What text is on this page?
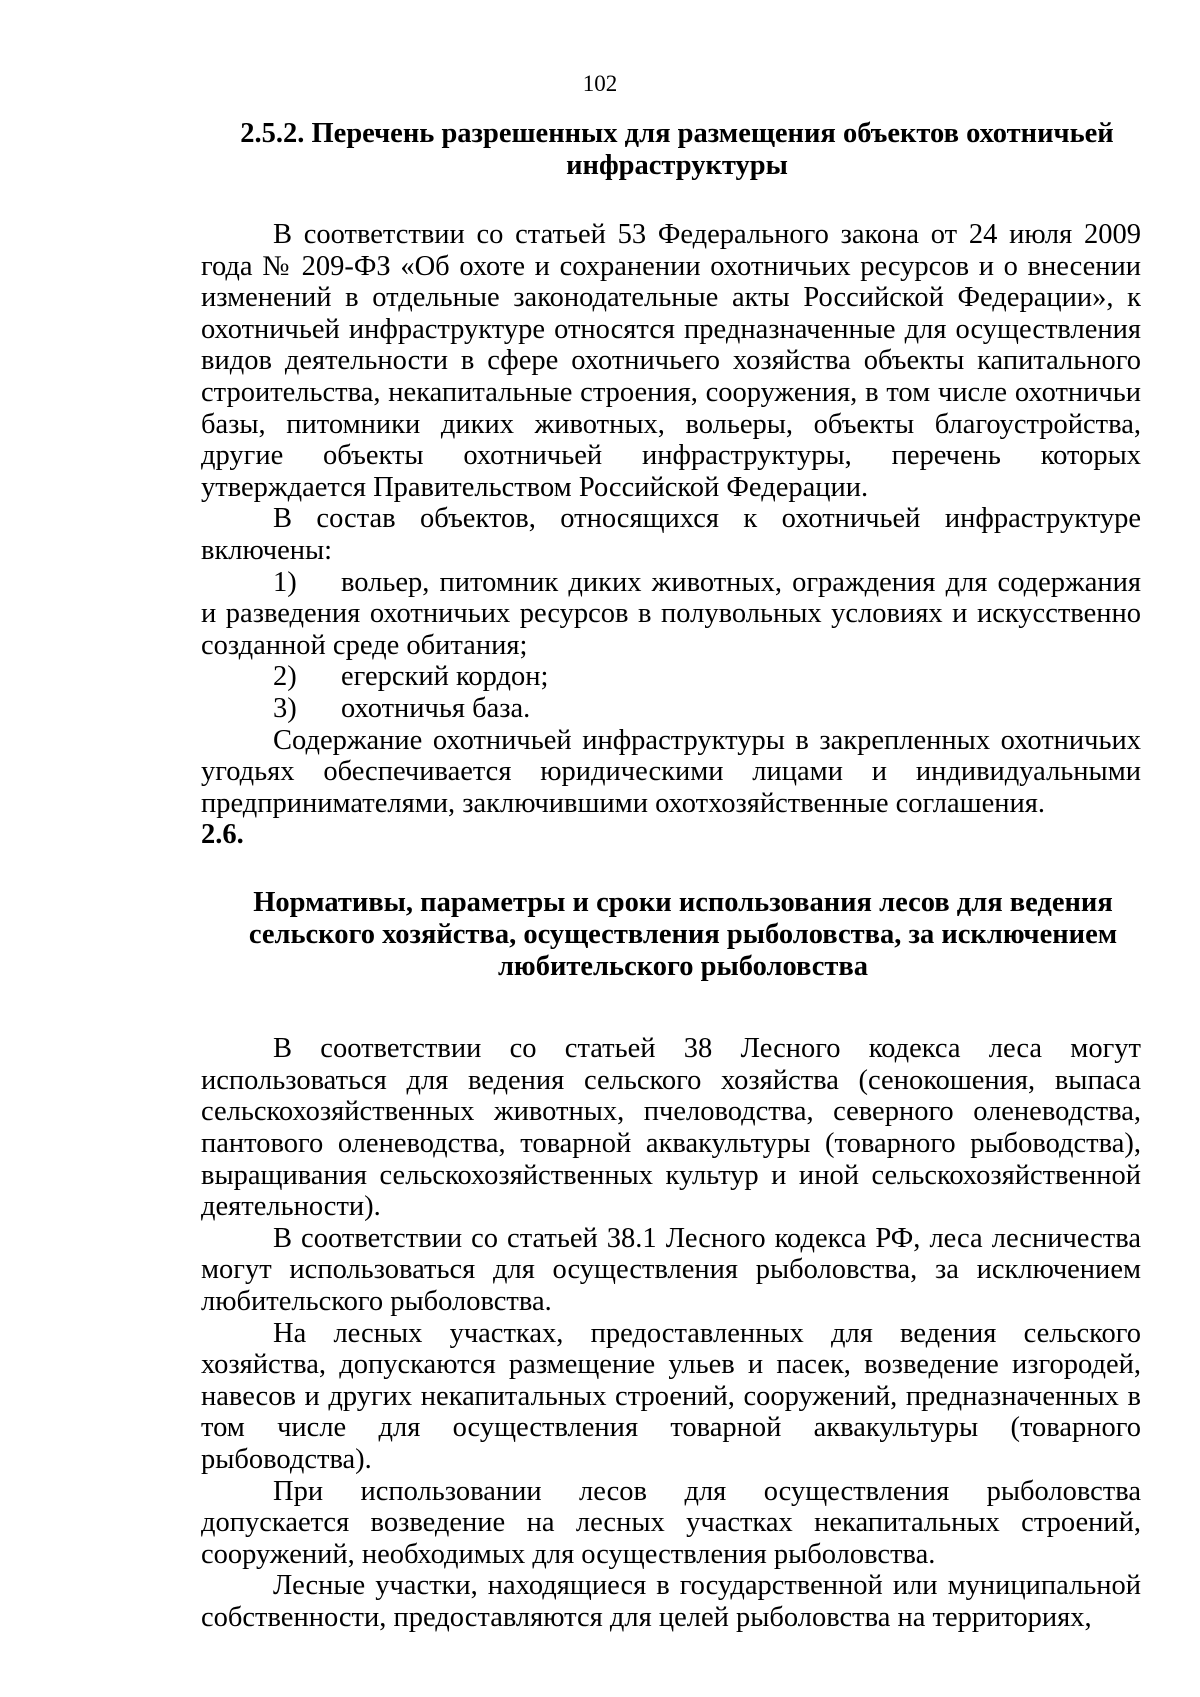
102
2.5.2. Перечень разрешенных для размещения объектов охотничьей инфраструктуры

В соответствии со статьей 53 Федерального закона от 24 июля 2009 года № 209-ФЗ «Об охоте и сохранении охотничьих ресурсов и о внесении изменений в отдельные законодательные акты Российской Федерации», к охотничьей инфраструктуре относятся предназначенные для осуществления видов деятельности в сфере охотничьего хозяйства объекты капитального строительства, некапитальные строения, сооружения, в том числе охотничьи базы, питомники диких животных, вольеры, объекты благоустройства, другие объекты охотничьей инфраструктуры, перечень которых утверждается Правительством Российской Федерации.

В состав объектов, относящихся к охотничьей инфраструктуре включены:

1) вольер, питомник диких животных, ограждения для содержания и разведения охотничьих ресурсов в полувольных условиях и искусственно созданной среде обитания;

2) егерский кордон;

3) охотничья база.

Содержание охотничьей инфраструктуры в закрепленных охотничьих угодьях обеспечивается юридическими лицами и индивидуальными предпринимателями, заключившими охотхозяйственные соглашения.

2.6.
Нормативы, параметры и сроки использования лесов для ведения сельского хозяйства, осуществления рыболовства, за исключением любительского рыболовства

В соответствии со статьей 38 Лесного кодекса леса могут использоваться для ведения сельского хозяйства (сенокошения, выпаса сельскохозяйственных животных, пчеловодства, северного оленеводства, пантового оленеводства, товарной аквакультуры (товарного рыбоводства), выращивания сельскохозяйственных культур и иной сельскохозяйственной деятельности).

В соответствии со статьей 38.1 Лесного кодекса РФ, леса лесничества могут использоваться для осуществления рыболовства, за исключением любительского рыболовства.

На лесных участках, предоставленных для ведения сельского хозяйства, допускаются размещение ульев и пасек, возведение изгородей, навесов и других некапитальных строений, сооружений, предназначенных в том числе для осуществления товарной аквакультуры (товарного рыбоводства).

При использовании лесов для осуществления рыболовства допускается возведение на лесных участках некапитальных строений, сооружений, необходимых для осуществления рыболовства.

Лесные участки, находящиеся в государственной или муниципальной собственности, предоставляются для целей рыболовства на территориях,
